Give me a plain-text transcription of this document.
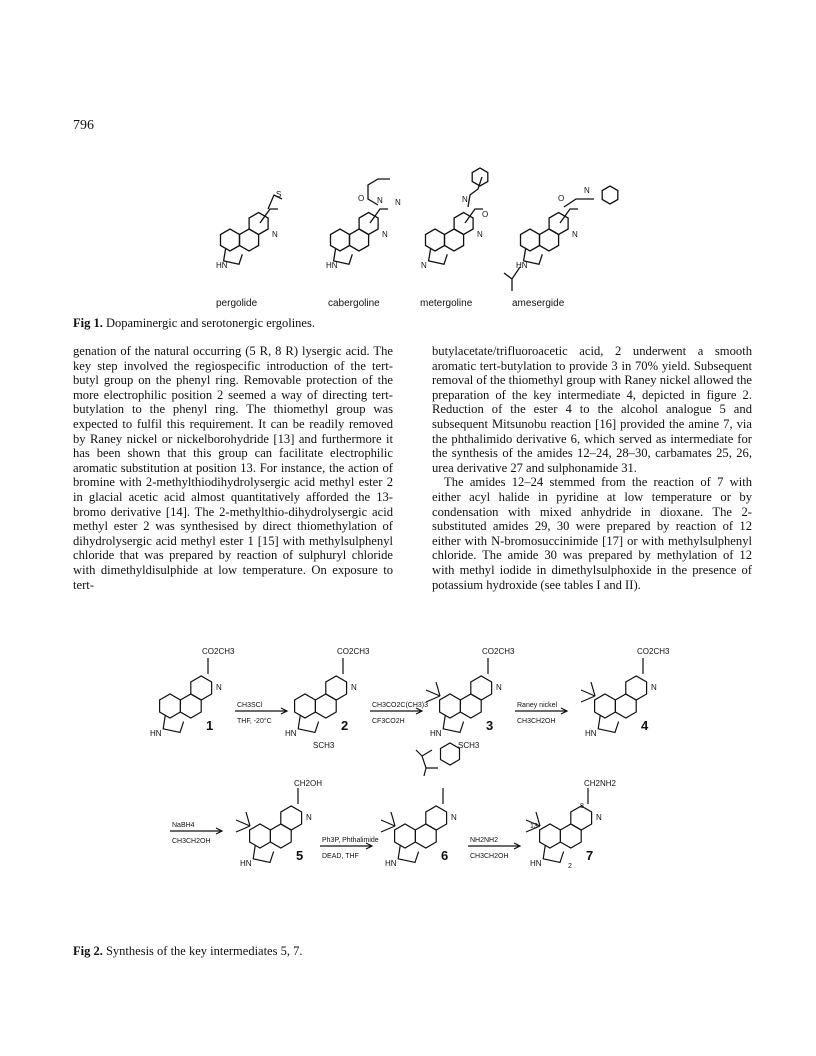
796
N
HN
N
HN
N
N
N
HN
S	O N N	N
O
O
N
pergolide	cabergoline	metergoline	amesergide
Fig 1. Dopaminergic and serotonergic ergolines.

genation of the natural occurring (5 R, 8 R) lysergic acid. The key step involved the regiospecific introduction of the tert-butyl group on the phenyl ring. Removable protection of the more electrophilic position 2 seemed a way of directing tert-butylation to the phenyl ring. The thiomethyl group was expected to fulfil this requirement. It can be readily removed by Raney nickel or nickelborohydride [13] and furthermore it has been shown that this group can facilitate electrophilic aromatic substitution at position 13. For instance, the action of bromine with 2-methylthiodihydrolysergic acid methyl ester 2 in glacial acetic acid almost quantitatively afforded the 13-bromo derivative [14]. The 2-methylthio-dihydrolysergic acid methyl ester 2 was synthesised by direct thiomethylation of dihydrolysergic acid methyl ester 1 [15] with methylsulphenyl chloride that was prepared by reaction of sulphuryl chloride with dimethyldisulphide at low temperature. On exposure to tert-

butylacetate/trifluoroacetic acid, 2 underwent a smooth aromatic tert-butylation to provide 3 in 70% yield. Subsequent removal of the thiomethyl group with Raney nickel allowed the preparation of the key intermediate 4, depicted in figure 2. Reduction of the ester 4 to the alcohol analogue 5 and subsequent Mitsunobu reaction [16] provided the amine 7, via the phthalimido derivative 6, which served as intermediate for the synthesis of the amides 12–24, 28–30, carbamates 25, 26, urea derivative 27 and sulphonamide 31.

The amides 12–24 stemmed from the reaction of 7 with either acyl halide in pyridine at low temperature or by condensation with mixed anhydride in dioxane. The 2-substituted amides 29, 30 were prepared by reaction of 12 either with N-bromosuccinimide [17] or with methylsulphenyl chloride. The amide 30 was prepared by methylation of 12 with methyl iodide in dimethylsulphoxide in the presence of potassium hydroxide (see tables I and II).

CO2CH3
N
HN
1
CO2CH3
N
HN
2
SCH3
CO2CH3
N
HN
3
SCH3
CO2CH3
N
HN
4
N
HN
5
N
HN
6
N
HN
7
CH2OH	CH2NH2
13
8
2
CH3SCl
THF, -20°C
CH3CO2C(CH3)3
CF3CO2H
Raney nickel
CH3CH2OH
NaBH4
CH3CH2OH	Ph3P, Phthalimide
DEAD, THF
NH2NH2
CH3CH2OH
Fig 2. Synthesis of the key intermediates 5, 7.
